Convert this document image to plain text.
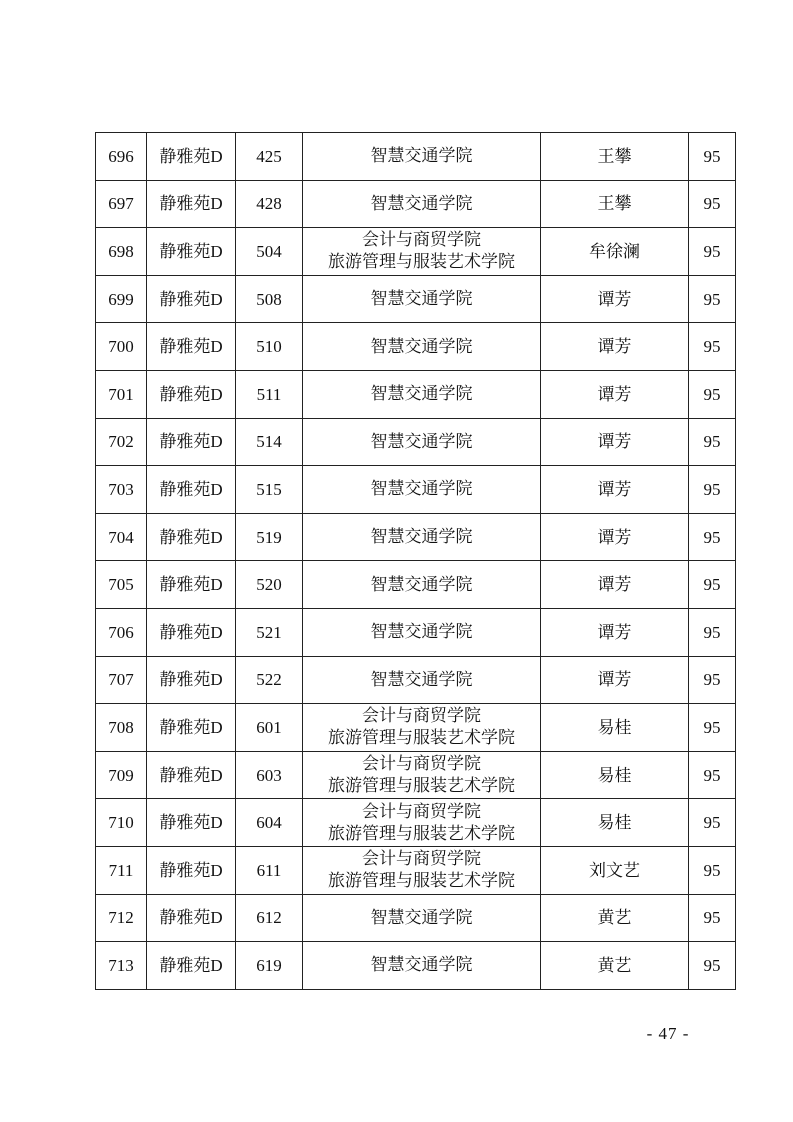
696	静雅苑D	425	智慧交通学院	王攀	95
697	静雅苑D	428	智慧交通学院	王攀	95
698	静雅苑D	504	会计与商贸学院
旅游管理与服装艺术学院	牟徐澜	95
699	静雅苑D	508	智慧交通学院	谭芳	95
700	静雅苑D	510	智慧交通学院	谭芳	95
701	静雅苑D	511	智慧交通学院	谭芳	95
702	静雅苑D	514	智慧交通学院	谭芳	95
703	静雅苑D	515	智慧交通学院	谭芳	95
704	静雅苑D	519	智慧交通学院	谭芳	95
705	静雅苑D	520	智慧交通学院	谭芳	95
706	静雅苑D	521	智慧交通学院	谭芳	95
707	静雅苑D	522	智慧交通学院	谭芳	95
708	静雅苑D	601	会计与商贸学院
旅游管理与服装艺术学院	易桂	95
709	静雅苑D	603	会计与商贸学院
旅游管理与服装艺术学院	易桂	95
710	静雅苑D	604	会计与商贸学院
旅游管理与服装艺术学院	易桂	95
711	静雅苑D	611	会计与商贸学院
旅游管理与服装艺术学院	刘文艺	95
712	静雅苑D	612	智慧交通学院	黄艺	95
713	静雅苑D	619	智慧交通学院	黄艺	95
- 47 -
